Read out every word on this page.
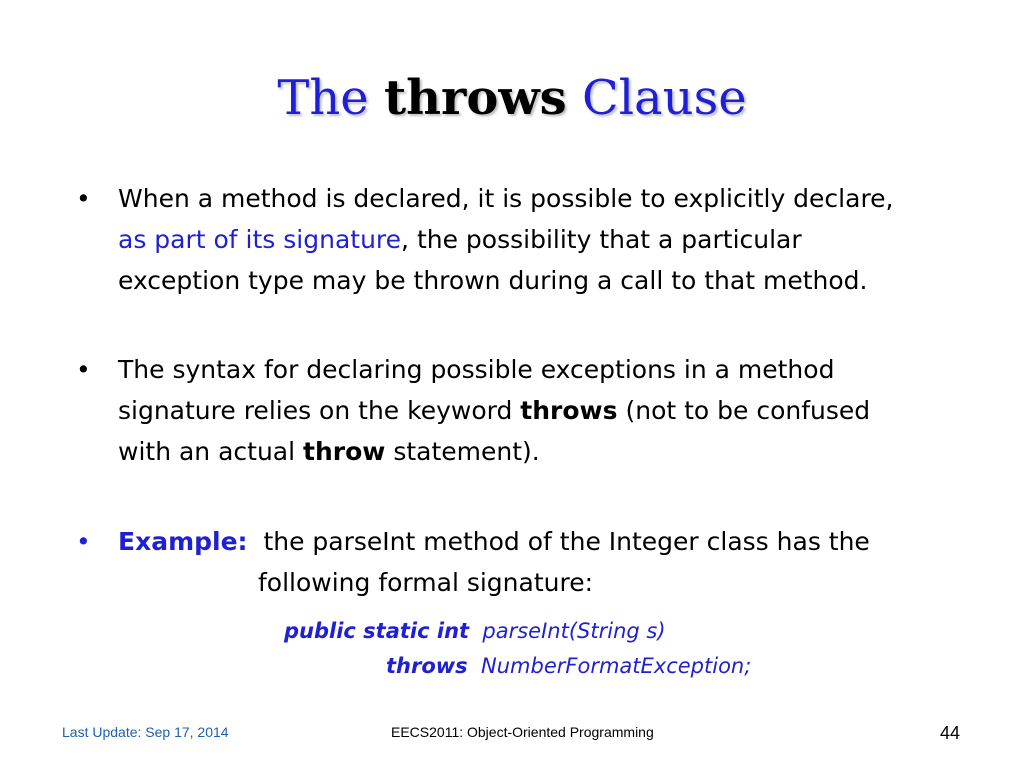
The throws Clause
• When a method is declared, it is possible to explicitly declare,
as part of its signature, the possibility that a particular
exception type may be thrown during a call to that method.
• The syntax for declaring possible exceptions in a method
signature relies on the keyword throws (not to be confused
with an actual throw statement).
• Example:  the parseInt method of the Integer class has the
following formal signature:
public static int  parseInt(String s)
throws  NumberFormatException;
Last Update: Sep 17, 2014	EECS2011: Object-Oriented Programming	44
